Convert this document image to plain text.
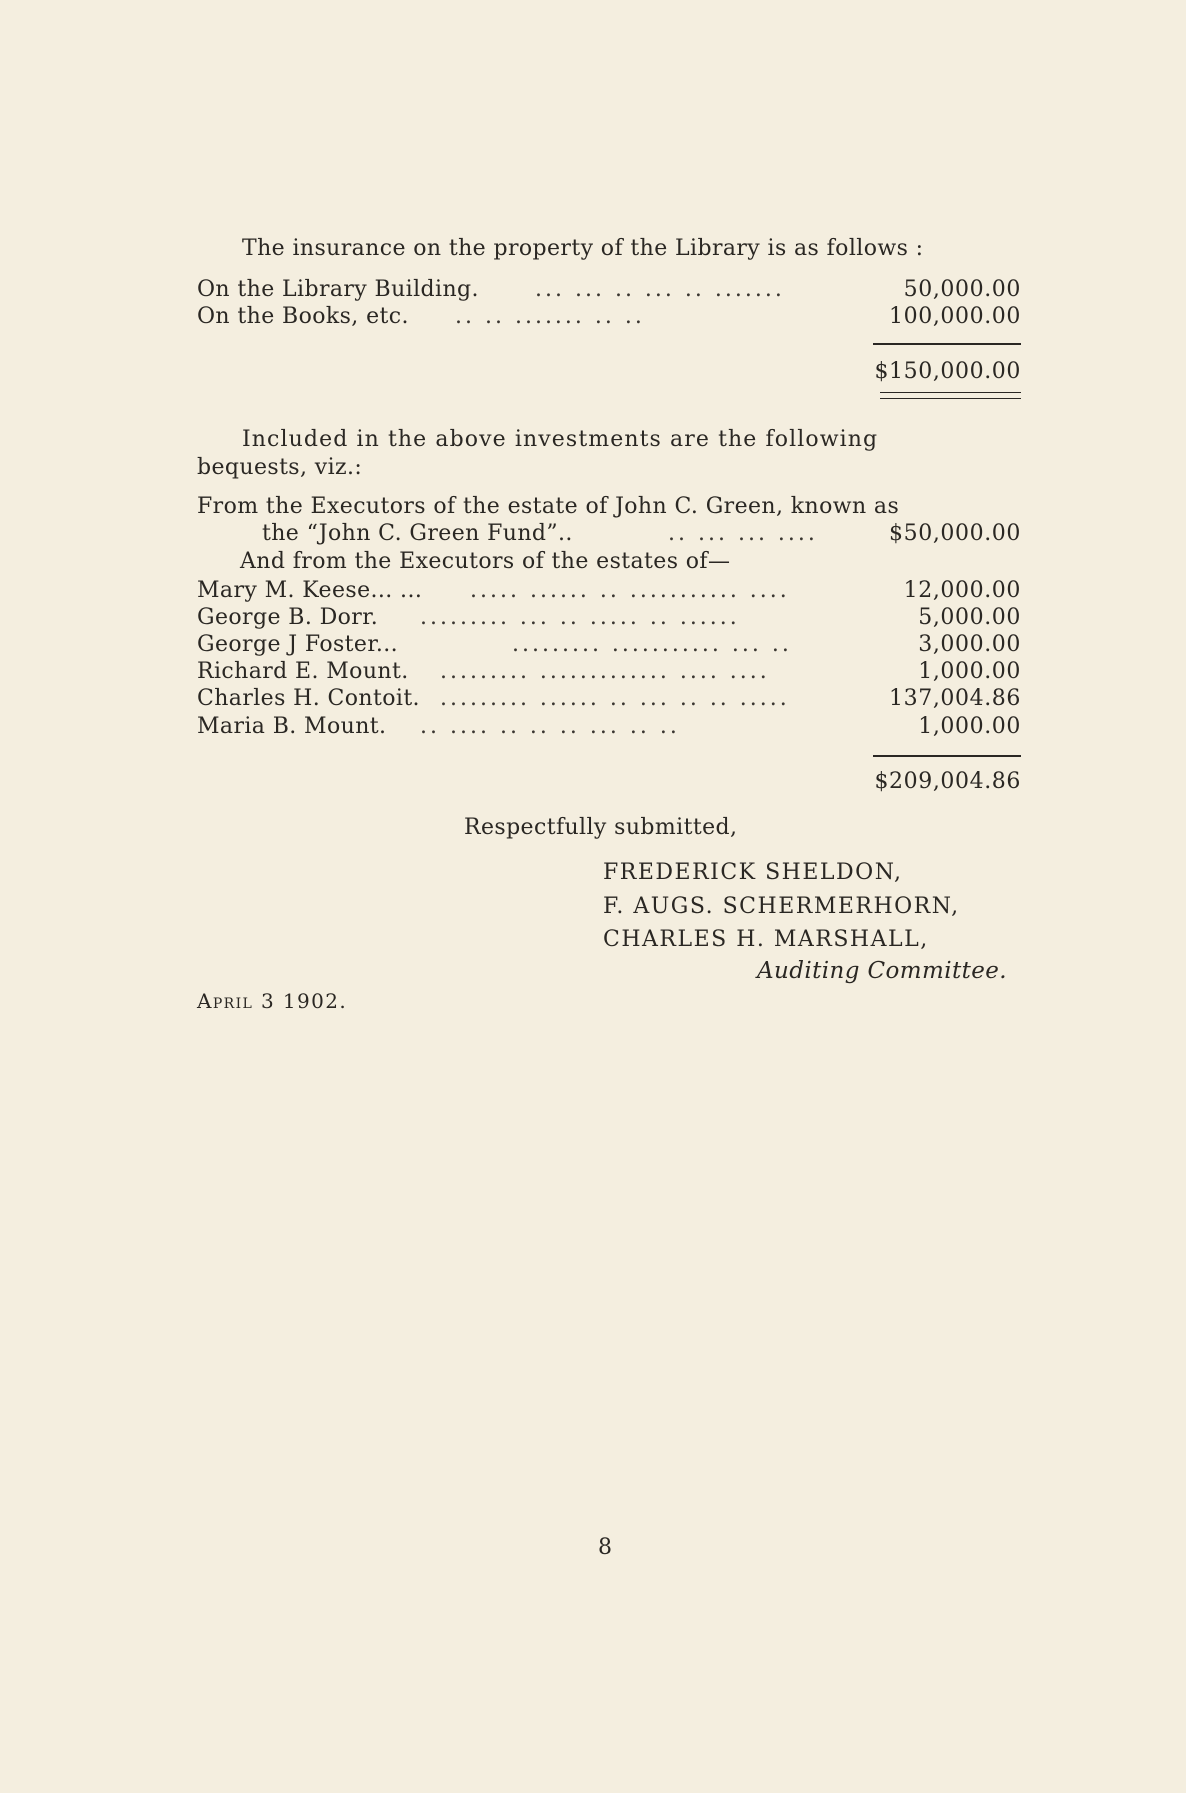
The insurance on the property of the Library is as follows :
On the Library Building.	... ... .. ... .. .......	50,000.00
On the Books, etc. .. .. ....... .. ..	100,000.00
$150,000.00
Included in the above investments are the following
bequests, viz.:
From the Executors of the estate of John C. Green, known as
the “John C. Green Fund”..	.. ... ... ....	$50,000.00
And from the Executors of the estates of—
Mary M. Keese... ... ..... ...... .. ........... ....	12,000.00
George B. Dorr. ......... ... .. ..... .. ......	5,000.00
George J Foster...	......... ........... ... ..	3,000.00
Richard E. Mount. ......... ............. .... ....	1,000.00
Charles H. Contoit. ......... ...... .. ... .. .. .....	137,004.86
Maria B. Mount. .. .... .. .. .. ... .. ..	1,000.00
$209,004.86
Respectfully submitted,
FREDERICK SHELDON,
F. AUGS. SCHERMERHORN,
CHARLES H. MARSHALL,
Auditing Committee.
April 3 1902.
8
